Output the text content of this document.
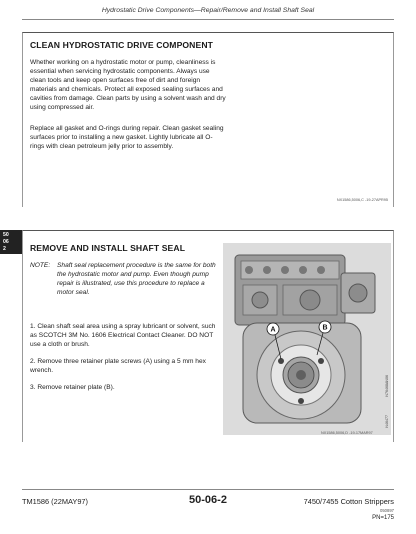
Hydrostatic Drive Components—Repair/Remove and Install Shaft Seal
50
06
2
CLEAN HYDROSTATIC DRIVE COMPONENT

Whether working on a hydrostatic motor or pump, cleanliness is essential when servicing hydrostatic components. Always use clean tools and keep open surfaces free of dirt and foreign materials and chemicals. Protect all exposed sealing surfaces and cavities from damage. Clean parts by using a solvent wash and dry using compressed air.

Replace all gasket and O-rings during repair. Clean gasket sealing surfaces prior to installing a new gasket. Lightly lubricate all O-rings with clean petroleum jelly prior to assembly.

NX1586,5006,C -19-27APR95
REMOVE AND INSTALL SHAFT SEAL
NOTE: Shaft seal replacement procedure is the same for both the hydrostatic motor and pump. Even though pump repair is illustrated, use this procedure to replace a motor seal.

1. Clean shaft seal area using a spray lubricant or solvent, such as SCOTCH 3M No. 1606 Electrical Contact Cleaner. DO NOT use a cloth or brush.

2. Remove three retainer plate screws (A) using a 5 mm hex wrench.

3. Remove retainer plate (B).

A	B
N76468AN06
N46477
NX1586,5006,D -19-17MAR97
TM1586 (22MAY97)	50-06-2	7450/7455 Cotton Strippers
050897
PN=175
